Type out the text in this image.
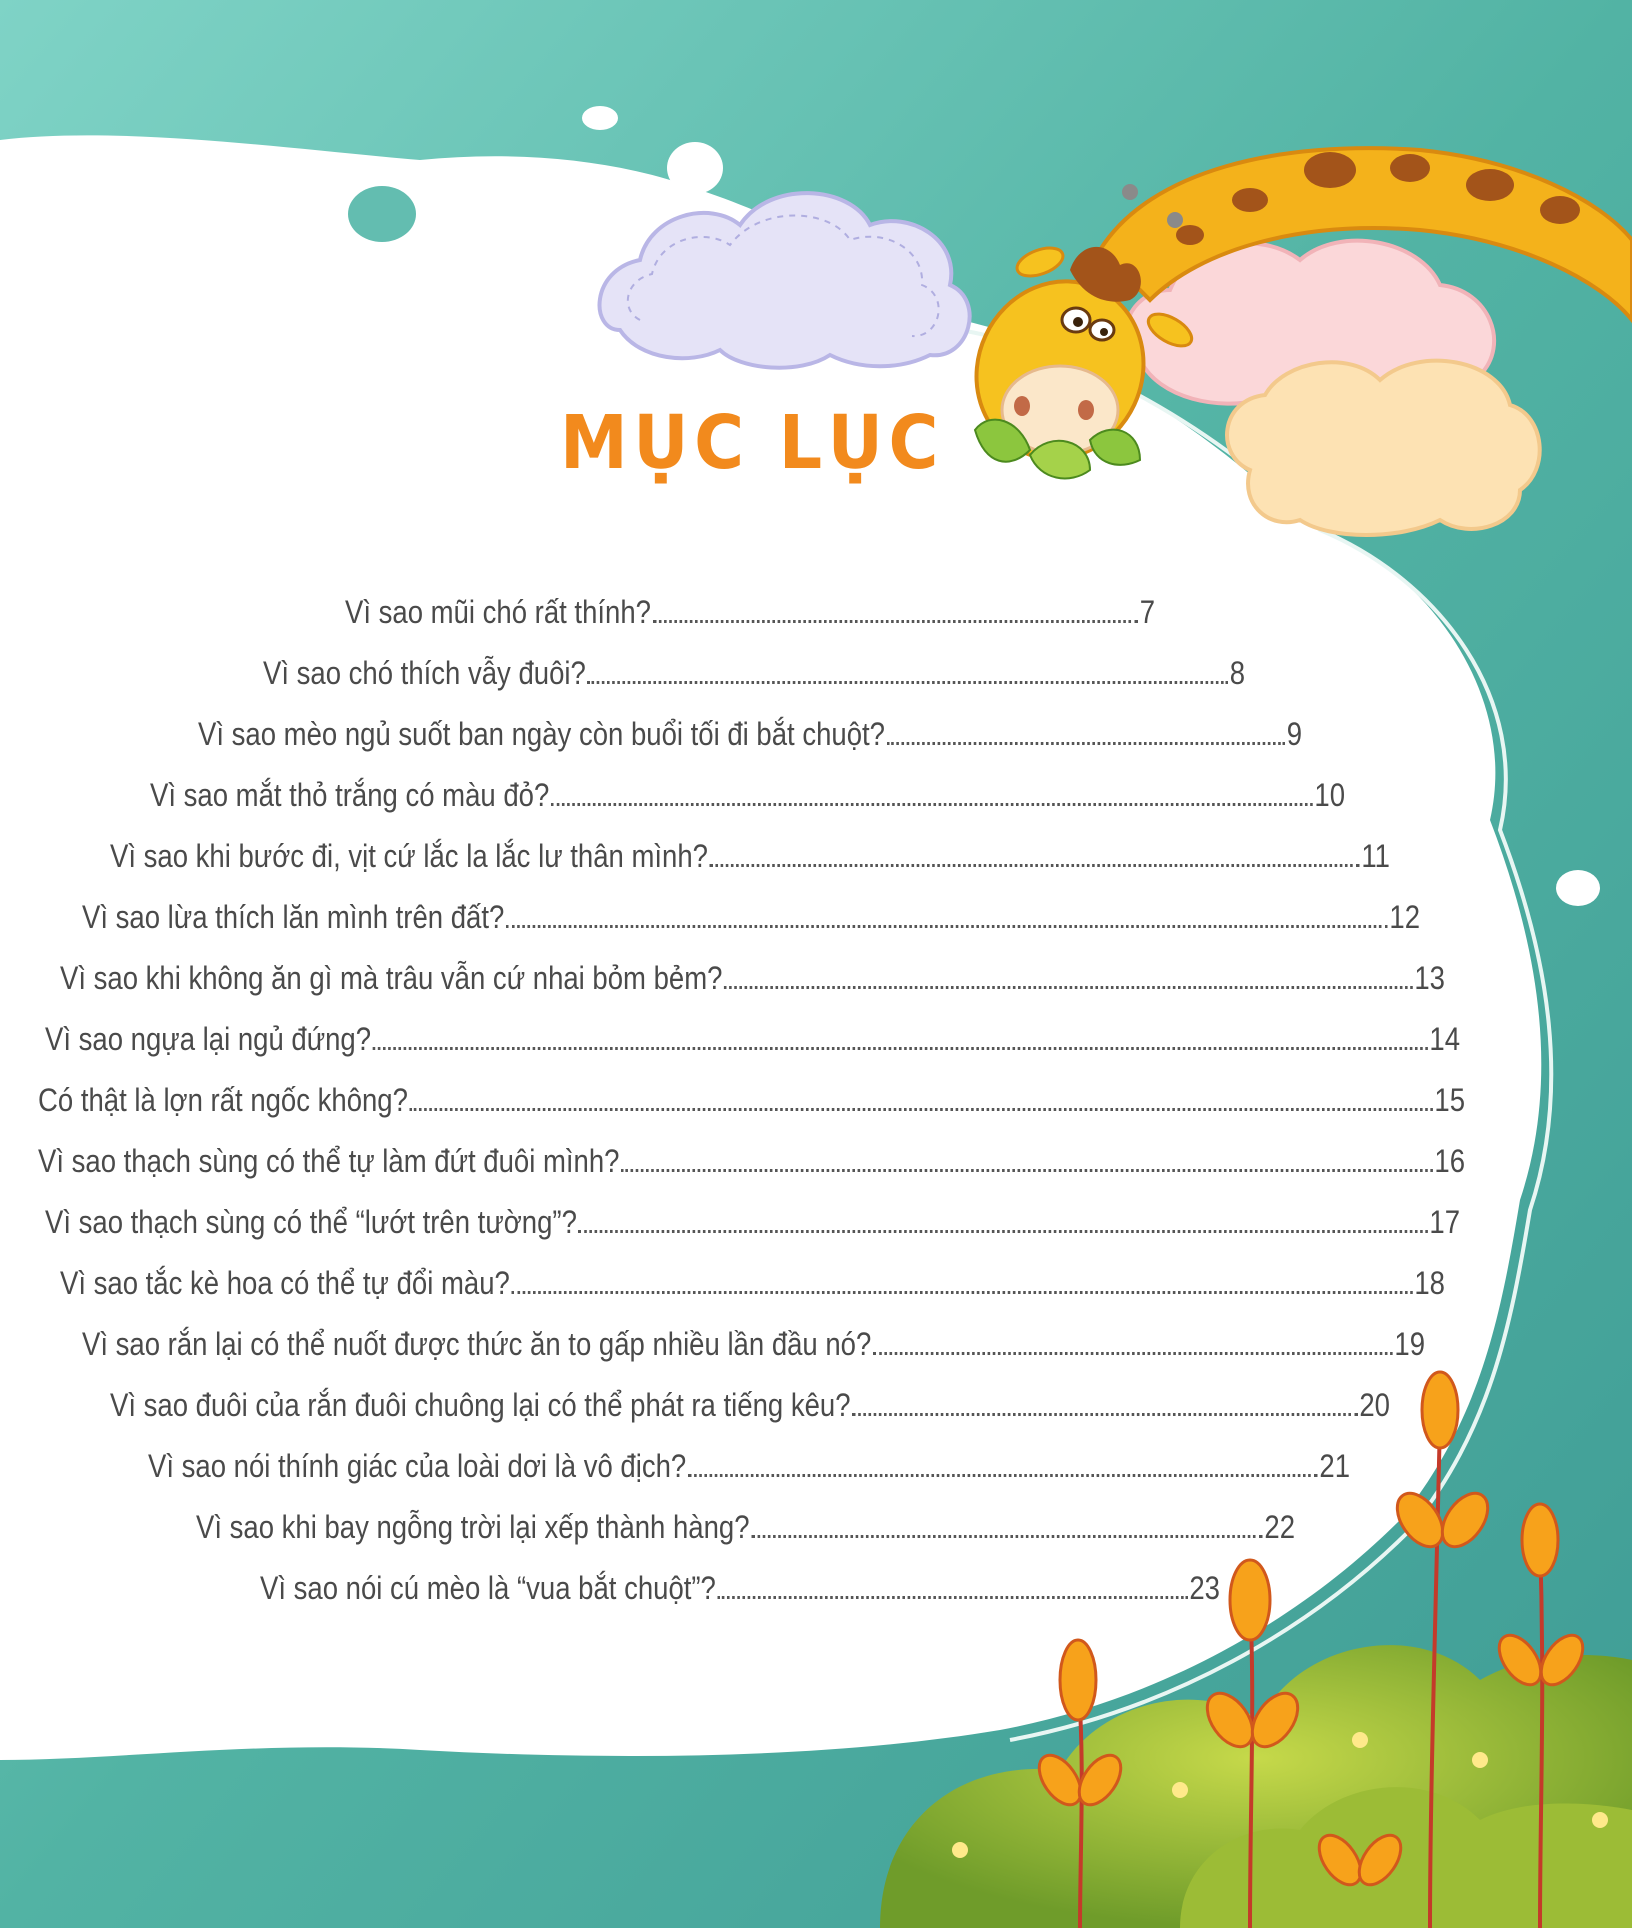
MỤC LỤC
Vì sao mũi chó rất thính?	7
Vì sao chó thích vẫy đuôi?	8
Vì sao mèo ngủ suốt ban ngày còn buổi tối đi bắt chuột?	9
Vì sao mắt thỏ trắng có màu đỏ?	10
Vì sao khi bước đi, vịt cứ lắc la lắc lư thân mình?	11
Vì sao lừa thích lăn mình trên đất?	12
Vì sao khi không ăn gì mà trâu vẫn cứ nhai bỏm bẻm?	13
Vì sao ngựa lại ngủ đứng?	14
Có thật là lợn rất ngốc không?	15
Vì sao thạch sùng có thể tự làm đứt đuôi mình?	16
Vì sao thạch sùng có thể “lướt trên tường”?	17
Vì sao tắc kè hoa có thể tự đổi màu?	18
Vì sao rắn lại có thể nuốt được thức ăn to gấp nhiều lần đầu nó?	19
Vì sao đuôi của rắn đuôi chuông lại có thể phát ra tiếng kêu?	20
Vì sao nói thính giác của loài dơi là vô địch?	21
Vì sao khi bay ngỗng trời lại xếp thành hàng?	22
Vì sao nói cú mèo là “vua bắt chuột”?	23
